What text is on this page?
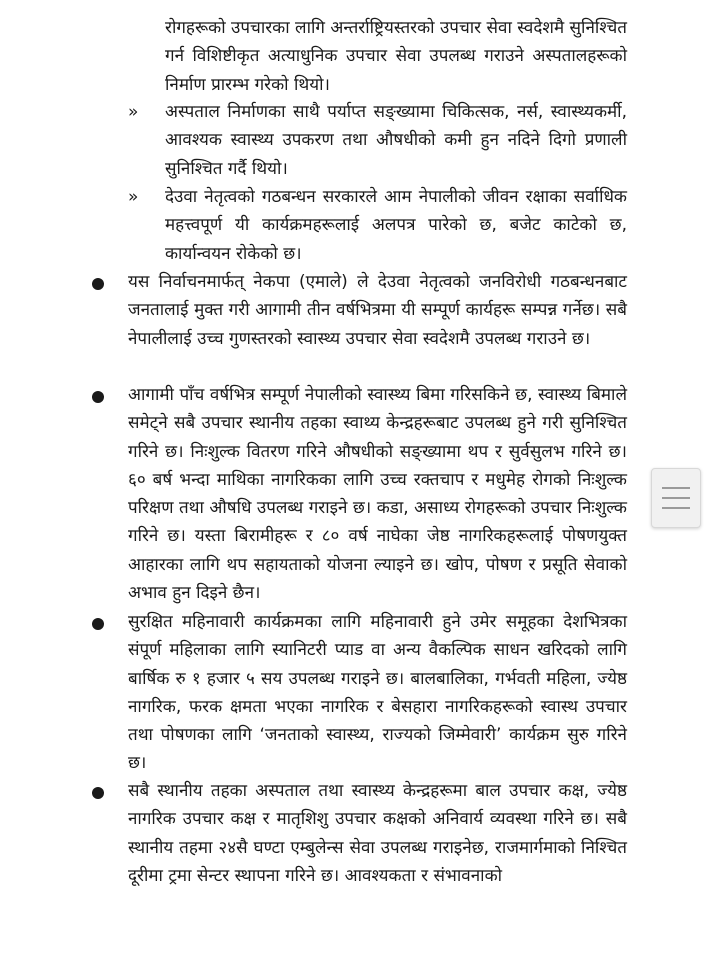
रोगहरूको उपचारका लागि अन्तर्राष्ट्रियस्तरको उपचार सेवा स्वदेशमै सुनिश्चित गर्न विशिष्टीकृत अत्याधुनिक उपचार सेवा उपलब्ध गराउने अस्पतालहरूको निर्माण प्रारम्भ गरेको थियो।

» अस्पताल निर्माणका साथै पर्याप्त सङ्ख्यामा चिकित्सक, नर्स, स्वास्थ्यकर्मी, आवश्यक स्वास्थ्य उपकरण तथा औषधीको कमी हुन नदिने दिगो प्रणाली सुनिश्चित गर्दै थियो।

» देउवा नेतृत्वको गठबन्धन सरकारले आम नेपालीको जीवन रक्षाका सर्वाधिक महत्त्वपूर्ण यी कार्यक्रमहरूलाई अलपत्र पारेको छ, बजेट काटेको छ, कार्यान्वयन रोकेको छ।

यस निर्वाचनमार्फत् नेकपा (एमाले) ले देउवा नेतृत्वको जनविरोधी गठबन्धनबाट जनतालाई मुक्त गरी आगामी तीन वर्षभित्रमा यी सम्पूर्ण कार्यहरू सम्पन्न गर्नेछ। सबै नेपालीलाई उच्च गुणस्तरको स्वास्थ्य उपचार सेवा स्वदेशमै उपलब्ध गराउने छ।

आगामी पाँच वर्षभित्र सम्पूर्ण नेपालीको स्वास्थ्य बिमा गरिसकिने छ, स्वास्थ्य बिमाले समेट्ने सबै उपचार स्थानीय तहका स्वाथ्य केन्द्रहरूबाट उपलब्ध हुने गरी सुनिश्चित गरिने छ। निःशुल्क वितरण गरिने औषधीको सङ्ख्यामा थप र सुर्वसुलभ गरिने छ। ६० बर्ष भन्दा माथिका नागरिकका लागि उच्च रक्तचाप र मधुमेह रोगको निःशुल्क परिक्षण तथा औषधि उपलब्ध गराइने छ। कडा, असाध्य रोगहरूको उपचार निःशुल्क गरिने छ। यस्ता बिरामीहरू र ८० वर्ष नाघेका जेष्ठ नागरिकहरूलाई पोषणयुक्त आहारका लागि थप सहायताको योजना ल्याइने छ। खोप, पोषण र प्रसूति सेवाको अभाव हुन दिइने छैन।

सुरक्षित महिनावारी कार्यक्रमका लागि महिनावारी हुने उमेर समूहका देशभित्रका संपूर्ण महिलाका लागि स्यानिटरी प्याड वा अन्य वैकल्पिक साधन खरिदको लागि बार्षिक रु १ हजार ५ सय उपलब्ध गराइने छ। बालबालिका, गर्भवती महिला, ज्येष्ठ नागरिक, फरक क्षमता भएका नागरिक र बेसहारा नागरिकहरूको स्वास्थ उपचार तथा पोषणका लागि ‘जनताको स्वास्थ्य, राज्यको जिम्मेवारी’ कार्यक्रम सुरु गरिने छ।

सबै स्थानीय तहका अस्पताल तथा स्वास्थ्य केन्द्रहरूमा बाल उपचार कक्ष, ज्येष्ठ नागरिक उपचार कक्ष र मातृशिशु उपचार कक्षको अनिवार्य व्यवस्था गरिने छ। सबै स्थानीय तहमा २४सै घण्टा एम्बुलेन्स सेवा उपलब्ध गराइनेछ, राजमार्गमाको निश्चित दूरीमा ट्रमा सेन्टर स्थापना गरिने छ। आवश्यकता र संभावनाको
